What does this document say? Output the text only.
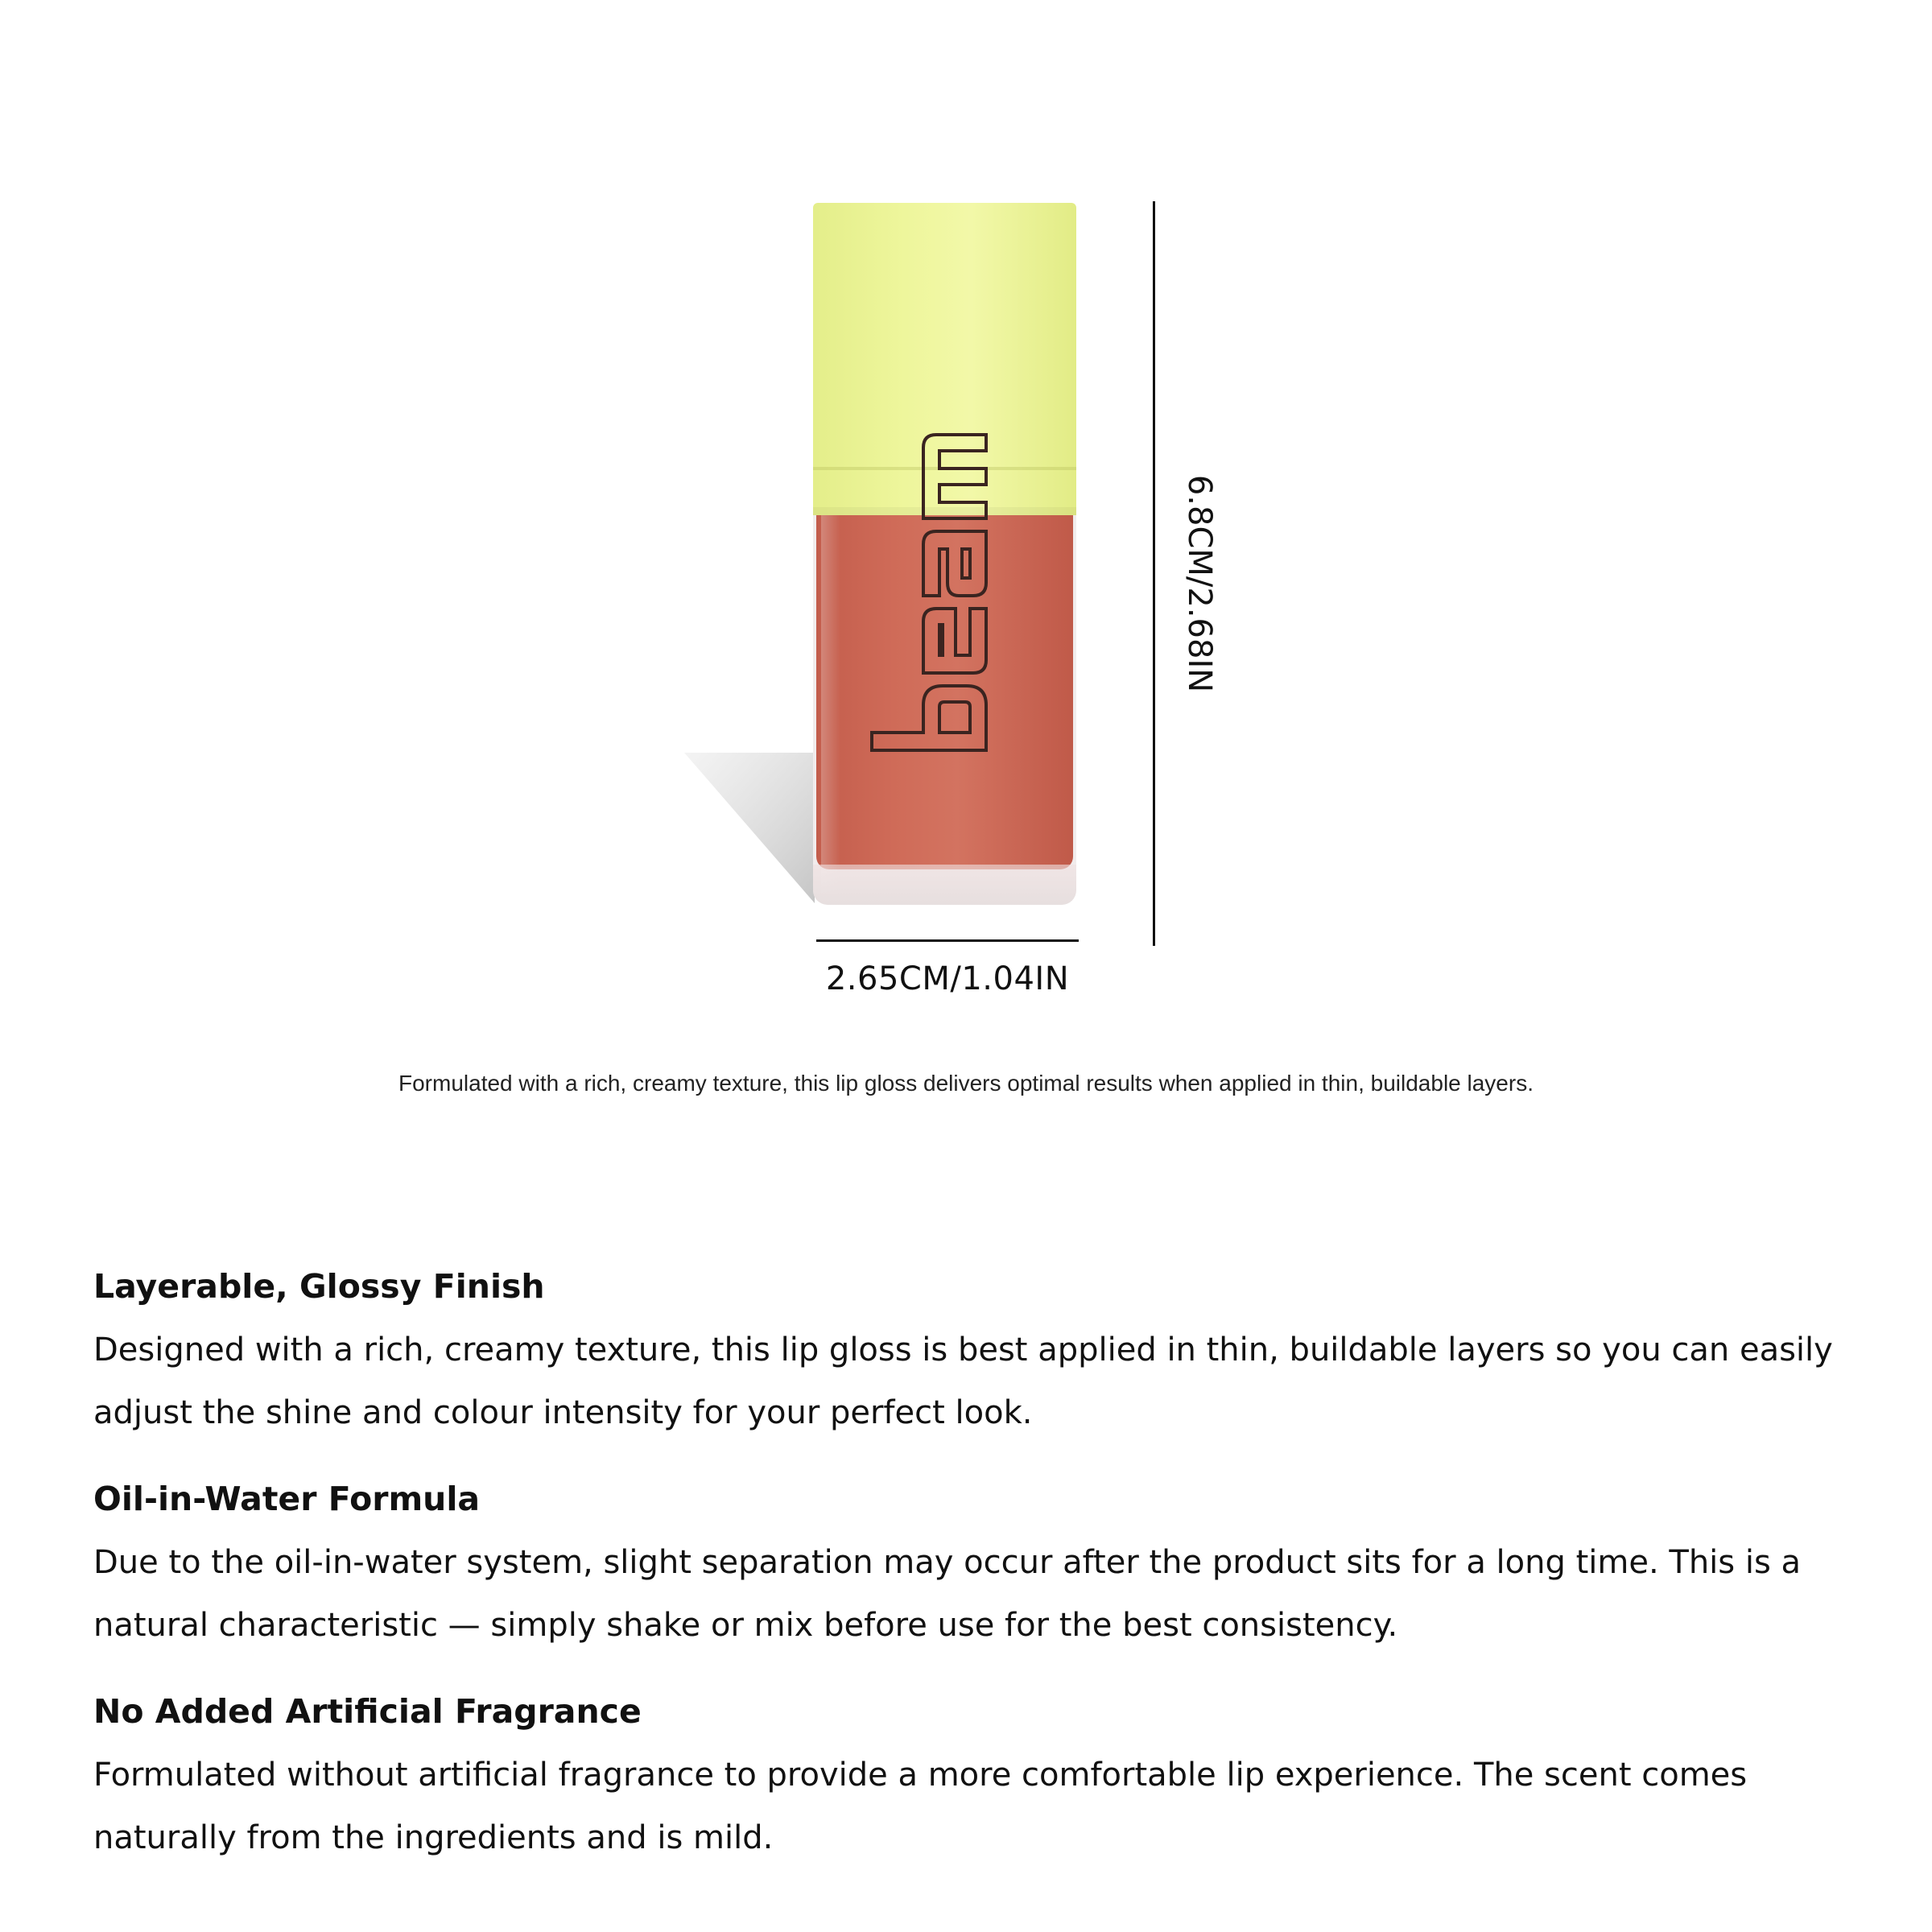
6.8CM/2.68IN
2.65CM/1.04IN
Formulated with a rich, creamy texture, this lip gloss delivers optimal results when applied in thin, buildable layers.
Layerable, Glossy Finish

Designed with a rich, creamy texture, this lip gloss is best applied in thin, buildable layers so you can easily adjust the shine and colour intensity for your perfect look.

Oil-in-Water Formula

Due to the oil-in-water system, slight separation may occur after the product sits for a long time. This is a natural characteristic — simply shake or mix before use for the best consistency.

No Added Artificial Fragrance

Formulated without artificial fragrance to provide a more comfortable lip experience. The scent comes naturally from the ingredients and is mild.
